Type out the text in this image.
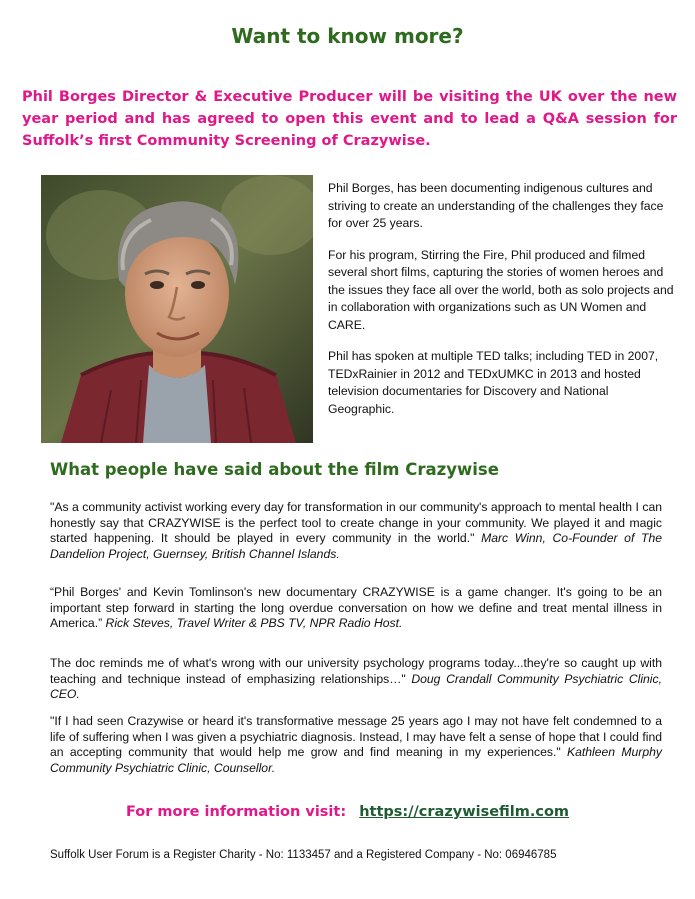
Want to know more?

Phil Borges Director & Executive Producer will be visiting the UK over the new year period and has agreed to open this event and to lead a Q&A session for Suffolk’s first Community Screening of Crazywise.

Phil Borges, has been documenting indigenous cultures and striving to create an understanding of the challenges they face for over 25 years.

For his program, Stirring the Fire, Phil produced and filmed several short films, capturing the stories of women heroes and the issues they face all over the world, both as solo projects and in collaboration with organizations such as UN Women and CARE.

Phil has spoken at multiple TED talks; including TED in 2007, TEDxRainier in 2012 and TEDxUMKC in 2013 and hosted television documentaries for Discovery and National Geographic.

What people have said about the film Crazywise

"As a community activist working every day for transformation in our community's approach to mental health I can honestly say that CRAZYWISE is the perfect tool to create change in your community. We played it and magic started happening. It should be played in every community in the world." Marc Winn, Co-Founder of The Dandelion Project, Guernsey, British Channel Islands.

“Phil Borges' and Kevin Tomlinson's new documentary CRAZYWISE is a game changer. It's going to be an important step forward in starting the long overdue conversation on how we define and treat mental illness in America.” Rick Steves, Travel Writer & PBS TV, NPR Radio Host.

The doc reminds me of what's wrong with our university psychology programs today...they're so caught up with teaching and technique instead of emphasizing relationships…" Doug Crandall Community Psychiatric Clinic, CEO.

"If I had seen Crazywise or heard it's transformative message 25 years ago I may not have felt condemned to a life of suffering when I was given a psychiatric diagnosis. Instead, I may have felt a sense of hope that I could find an accepting community that would help me grow and find meaning in my experiences." Kathleen Murphy Community Psychiatric Clinic, Counsellor.

For more information visit: https://crazywisefilm.com
Suffolk User Forum is a Register Charity - No: 1133457 and a Registered Company - No: 06946785
